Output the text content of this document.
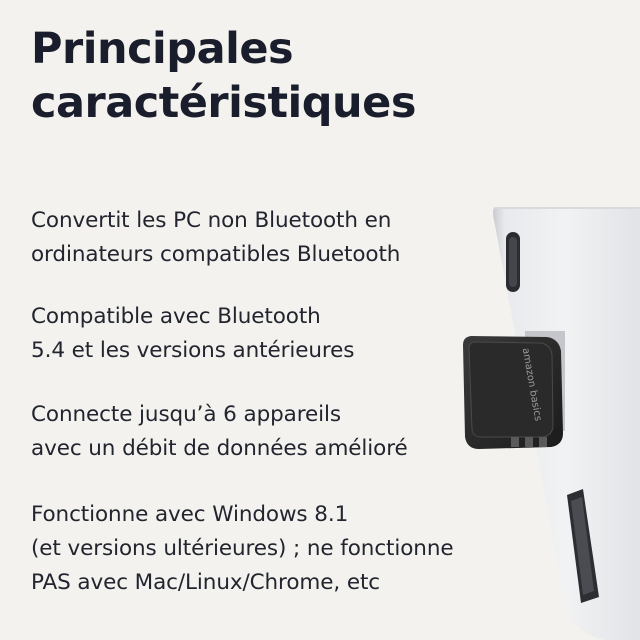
Principales
caractéristiques

Convertit les PC non Bluetooth en
ordinateurs compatibles Bluetooth

Compatible avec Bluetooth
5.4 et les versions antérieures

Connecte jusqu’à 6 appareils
avec un débit de données amélioré

Fonctionne avec Windows 8.1
(et versions ultérieures) ; ne fonctionne
PAS avec Mac/Linux/Chrome, etc

amazon basics
